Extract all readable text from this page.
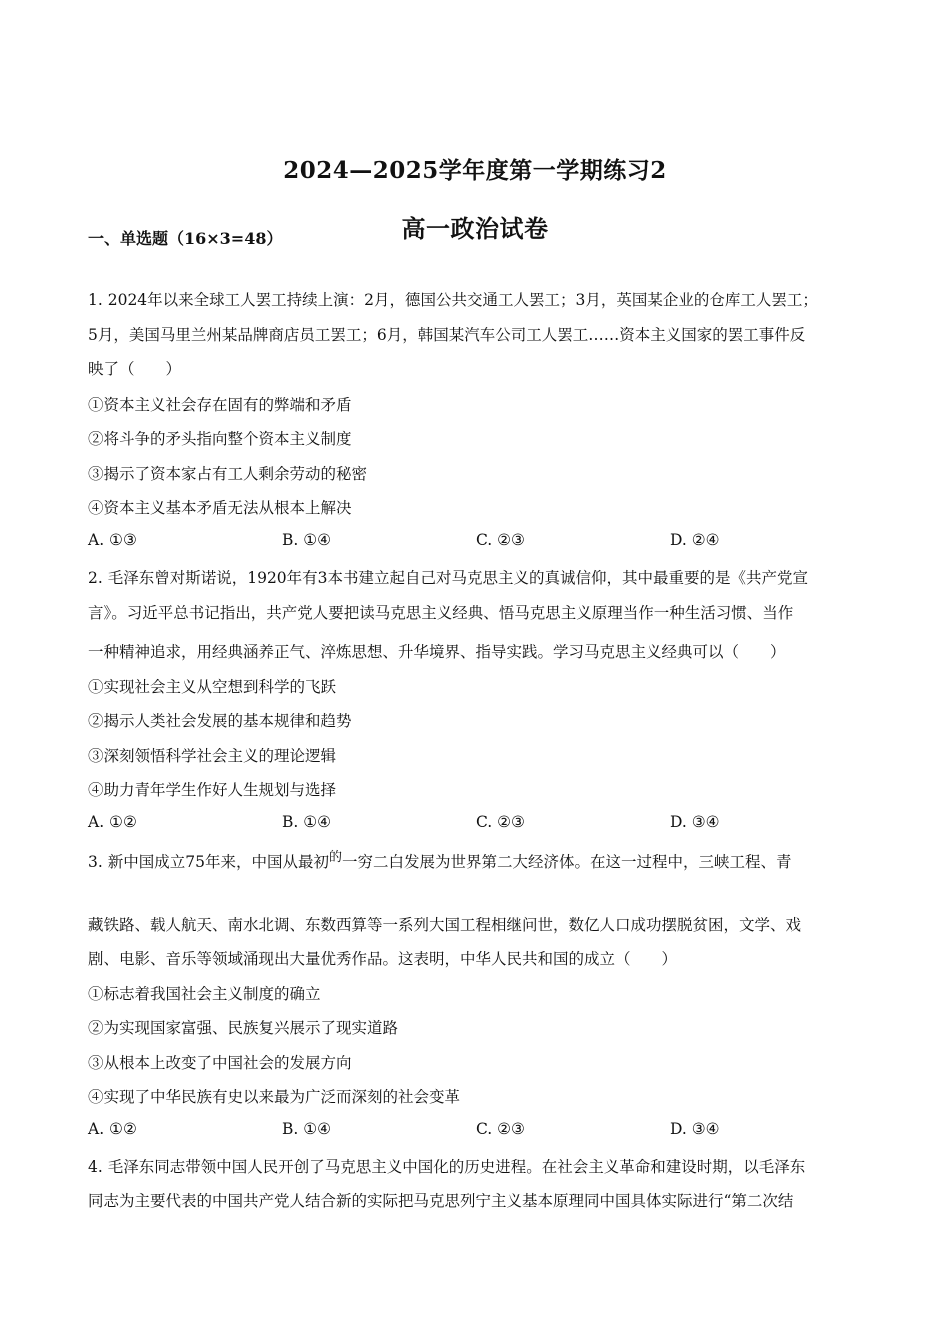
2024—2025学年度第一学期练习2
高一政治试卷
一、单选题（16×3=48）
1. 2024年以来全球工人罢工持续上演：2月，德国公共交通工人罢工；3月，英国某企业的仓库工人罢工；
5月，美国马里兰州某品牌商店员工罢工；6月，韩国某汽车公司工人罢工……资本主义国家的罢工事件反
映了（　　）
①资本主义社会存在固有的弊端和矛盾
②将斗争的矛头指向整个资本主义制度
③揭示了资本家占有工人剩余劳动的秘密
④资本主义基本矛盾无法从根本上解决
A. ①③	B. ①④	C. ②③	D. ②④
2. 毛泽东曾对斯诺说，1920年有3本书建立起自己对马克思主义的真诚信仰，其中最重要的是《共产党宣
言》。习近平总书记指出，共产党人要把读马克思主义经典、悟马克思主义原理当作一种生活习惯、当作
一种精神追求，用经典涵养正气、淬炼思想、升华境界、指导实践。学习马克思主义经典可以（　　）
①实现社会主义从空想到科学的飞跃
②揭示人类社会发展的基本规律和趋势
③深刻领悟科学社会主义的理论逻辑
④助力青年学生作好人生规划与选择
A. ①②	B. ①④	C. ②③	D. ③④
3. 新中国成立75年来，中国从最初$^的$一穷二白发展为世界第二大经济体。在这一过程中，三峡工程、青
藏铁路、载人航天、南水北调、东数西算等一系列大国工程相继问世，数亿人口成功摆脱贫困，文学、戏
剧、电影、音乐等领域涌现出大量优秀作品。这表明，中华人民共和国的成立（　　）
①标志着我国社会主义制度的确立
②为实现国家富强、民族复兴展示了现实道路
③从根本上改变了中国社会的发展方向
④实现了中华民族有史以来最为广泛而深刻的社会变革
A. ①②	B. ①④	C. ②③	D. ③④
4. 毛泽东同志带领中国人民开创了马克思主义中国化的历史进程。在社会主义革命和建设时期，以毛泽东
同志为主要代表的中国共产党人结合新的实际把马克思列宁主义基本原理同中国具体实际进行“第二次结
